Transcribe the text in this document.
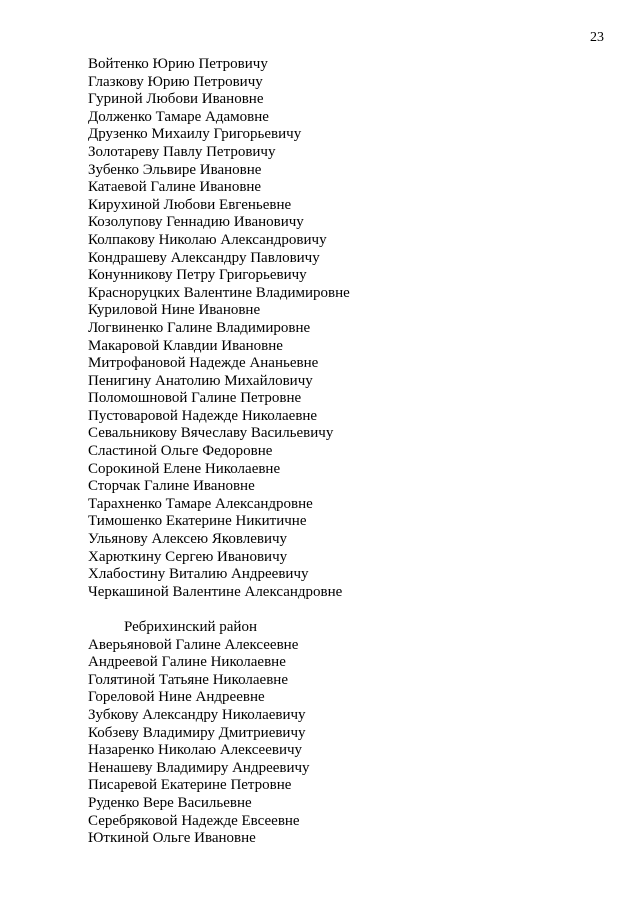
23
Войтенко Юрию Петровичу
Глазкову Юрию Петровичу
Гуриной Любови Ивановне
Долженко Тамаре Адамовне
Друзенко Михаилу Григорьевичу
Золотареву Павлу Петровичу
Зубенко Эльвире Ивановне
Катаевой Галине Ивановне
Кирухиной Любови Евгеньевне
Козолупову Геннадию Ивановичу
Колпакову Николаю Александровичу
Кондрашеву Александру Павловичу
Конунникову Петру Григорьевичу
Красноруцких Валентине Владимировне
Куриловой Нине Ивановне
Логвиненко Галине Владимировне
Макаровой Клавдии Ивановне
Митрофановой Надежде Ананьевне
Пенигину Анатолию Михайловичу
Поломошновой Галине Петровне
Пустоваровой Надежде Николаевне
Севальникову Вячеславу Васильевичу
Сластиной Ольге Федоровне
Сорокиной Елене Николаевне
Сторчак Галине Ивановне
Тарахненко Тамаре Александровне
Тимошенко Екатерине Никитичне
Ульянову Алексею Яковлевичу
Харюткину Сергею Ивановичу
Хлабостину Виталию Андреевичу
Черкашиной Валентине Александровне
Ребрихинский район
Аверьяновой Галине Алексеевне
Андреевой Галине Николаевне
Голятиной Татьяне Николаевне
Гореловой Нине Андреевне
Зубкову Александру Николаевичу
Кобзеву Владимиру Дмитриевичу
Назаренко Николаю Алексеевичу
Ненашеву Владимиру Андреевичу
Писаревой Екатерине Петровне
Руденко Вере Васильевне
Серебряковой Надежде Евсеевне
Юткиной Ольге Ивановне
